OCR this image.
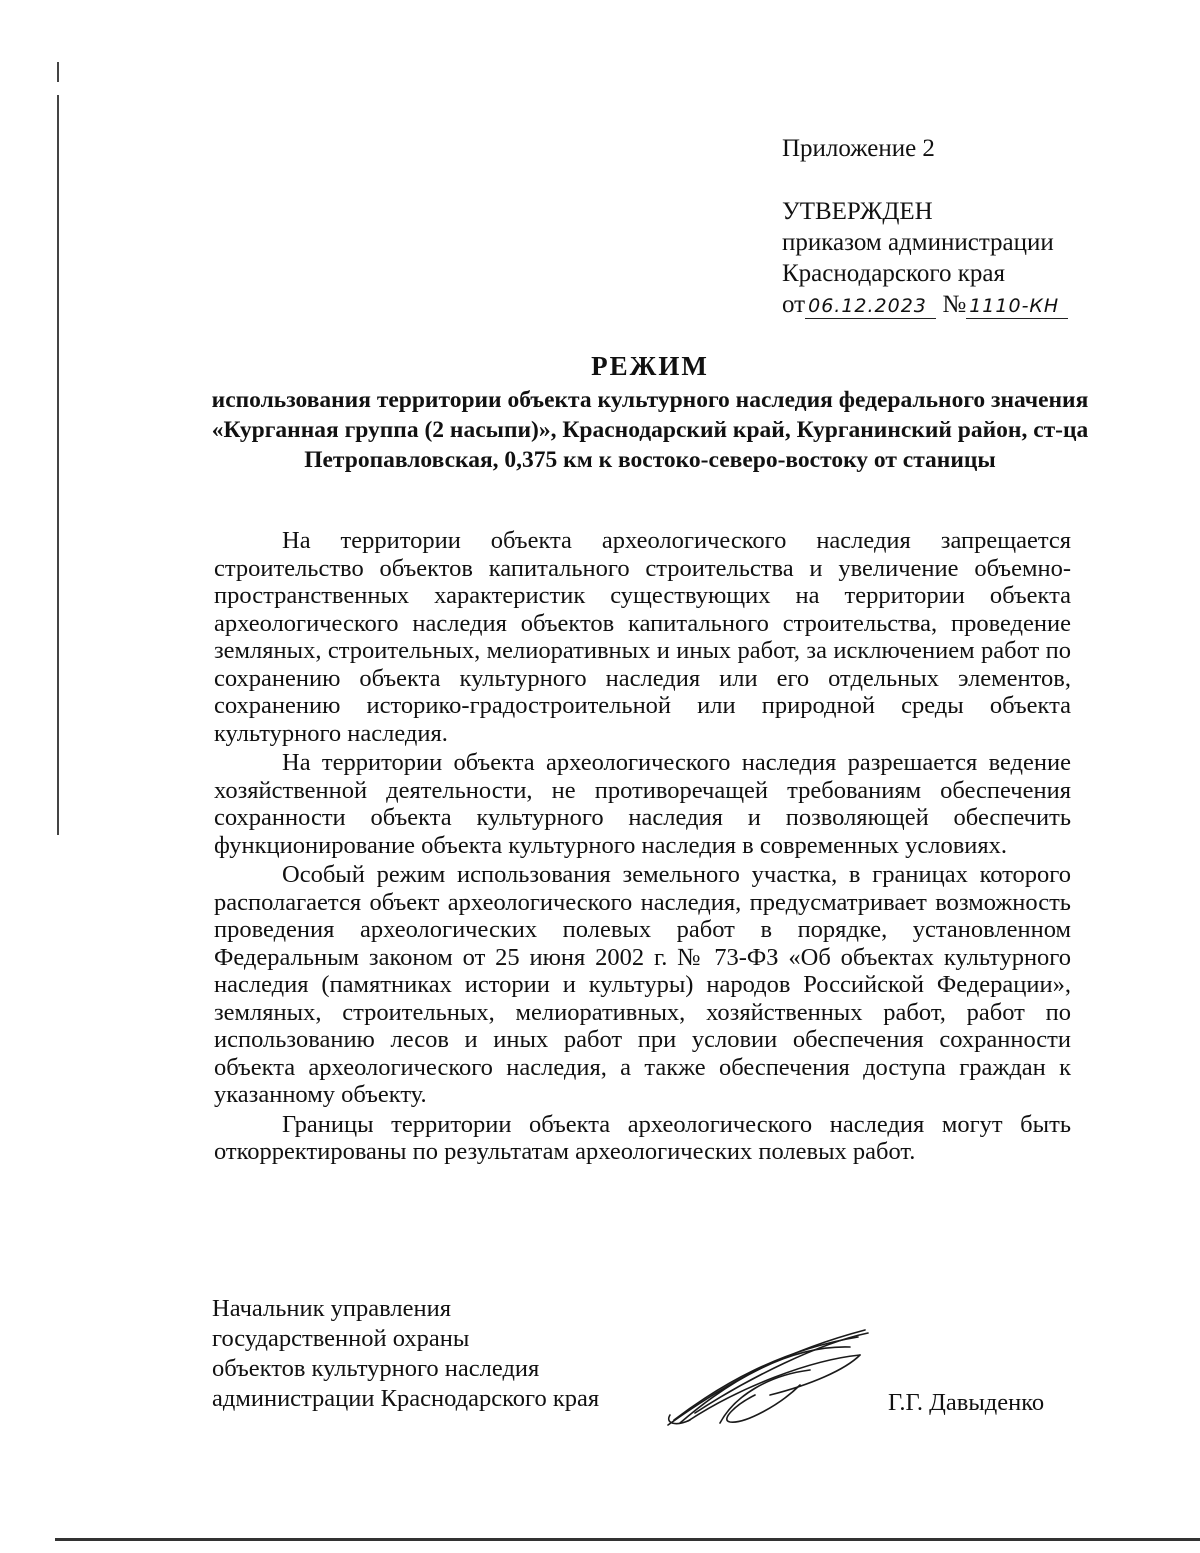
Приложение 2
УТВЕРЖДЕН
приказом администрации
Краснодарского края
от 06.12.2023 № 1110-КН
РЕЖИМ
использования территории объекта культурного наследия федерального значения «Курганная группа (2 насыпи)», Краснодарский край, Курганинский район, ст-ца Петропавловская, 0,375 км к востоко-северо-востоку от станицы

На территории объекта археологического наследия запрещается строительство объектов капитального строительства и увеличение объемно-пространственных характеристик существующих на территории объекта археологического наследия объектов капитального строительства, проведение земляных, строительных, мелиоративных и иных работ, за исключением работ по сохранению объекта культурного наследия или его отдельных элементов, сохранению историко-градостроительной или природной среды объекта культурного наследия.

На территории объекта археологического наследия разрешается ведение хозяйственной деятельности, не противоречащей требованиям обеспечения сохранности объекта культурного наследия и позволяющей обеспечить функционирование объекта культурного наследия в современных условиях.

Особый режим использования земельного участка, в границах которого располагается объект археологического наследия, предусматривает возможность проведения археологических полевых работ в порядке, установленном Федеральным законом от 25 июня 2002 г. № 73-ФЗ «Об объектах культурного наследия (памятниках истории и культуры) народов Российской Федерации», земляных, строительных, мелиоративных, хозяйственных работ, работ по использованию лесов и иных работ при условии обеспечения сохранности объекта археологического наследия, а также обеспечения доступа граждан к указанному объекту.

Границы территории объекта археологического наследия могут быть откорректированы по результатам археологических полевых работ.

Начальник управления
государственной охраны
объектов культурного наследия
администрации Краснодарского края	Г.Г. Давыденко
